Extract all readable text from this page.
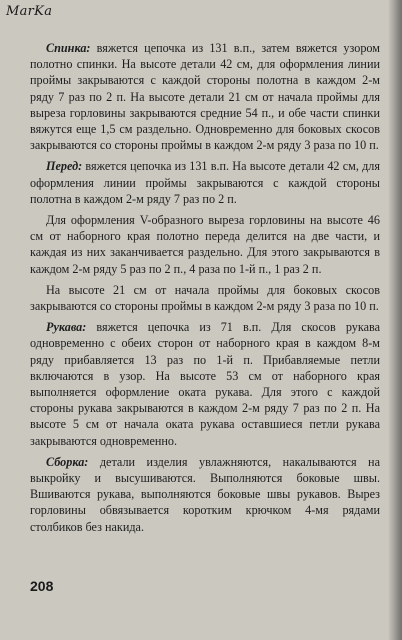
MarKa

Спинка: вяжется цепочка из 131 в.п., затем вяжется узором полотно спинки. На высоте детали 42 см, для оформления линии проймы закрываются с каждой стороны полотна в каждом 2-м ряду 7 раз по 2 п. На высоте детали 21 см от начала проймы для выреза горловины закрываются средние 54 п., и обе части спинки вяжутся еще 1,5 см раздельно. Одновременно для боковых скосов закрываются со стороны проймы в каждом 2-м ряду 3 раза по 10 п.

Перед: вяжется цепочка из 131 в.п. На высоте детали 42 см, для оформления линии проймы закрываются с каждой стороны полотна в каждом 2-м ряду 7 раз по 2 п.

Для оформления V-образного выреза горловины на высоте 46 см от наборного края полотно переда делится на две части, и каждая из них заканчивается раздельно. Для этого закрываются в каждом 2-м ряду 5 раз по 2 п., 4 раза по 1-й п., 1 раз 2 п.

На высоте 21 см от начала проймы для боковых скосов закрываются со стороны проймы в каждом 2-м ряду 3 раза по 10 п.

Рукава: вяжется цепочка из 71 в.п. Для скосов рукава одновременно с обеих сторон от наборного края в каждом 8-м ряду прибавляется 13 раз по 1-й п. Прибавляемые петли включаются в узор. На высоте 53 см от наборного края выполняется оформление оката рукава. Для этого с каждой стороны рукава закрываются в каждом 2-м ряду 7 раз по 2 п. На высоте 5 см от начала оката рукава оставшиеся петли рукава закрываются одновременно.

Сборка: детали изделия увлажняются, накалываются на выкройку и высушиваются. Выполняются боковые швы. Вшиваются рукава, выполняются боковые швы рукавов. Вырез горловины обвязывается коротким крючком 4-мя рядами столбиков без накида.

208
